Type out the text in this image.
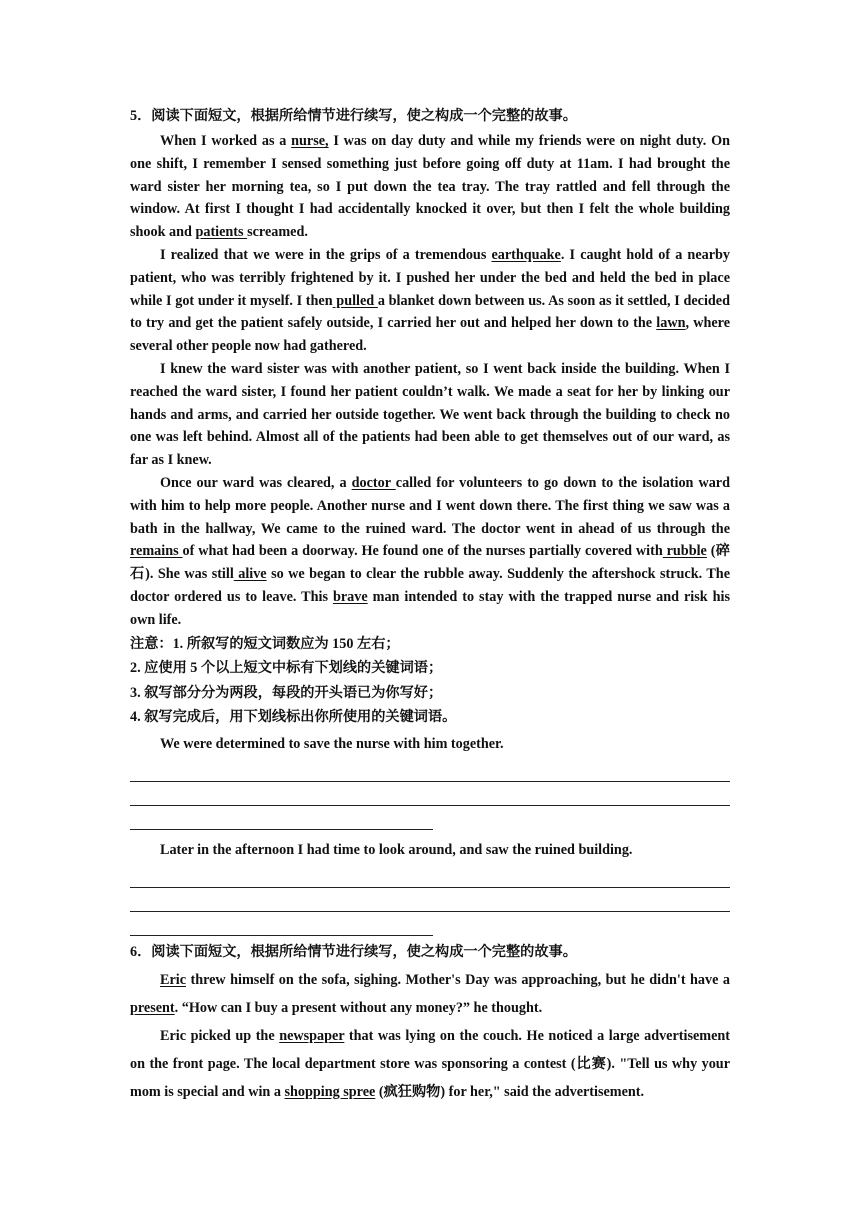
5．阅读下面短文，根据所给情节进行续写，使之构成一个完整的故事。

When I worked as a nurse, I was on day duty and while my friends were on night duty. On one shift, I remember I sensed something just before going off duty at 11am. I had brought the ward sister her morning tea, so I put down the tea tray. The tray rattled and fell through the window. At first I thought I had accidentally knocked it over, but then I felt the whole building shook and patients screamed.

I realized that we were in the grips of a tremendous earthquake. I caught hold of a nearby patient, who was terribly frightened by it. I pushed her under the bed and held the bed in place while I got under it myself. I then pulled a blanket down between us. As soon as it settled, I decided to try and get the patient safely outside, I carried her out and helped her down to the lawn, where several other people now had gathered.

I knew the ward sister was with another patient, so I went back inside the building. When I reached the ward sister, I found her patient couldn’t walk. We made a seat for her by linking our hands and arms, and carried her outside together. We went back through the building to check no one was left behind. Almost all of the patients had been able to get themselves out of our ward, as far as I knew.

Once our ward was cleared, a doctor called for volunteers to go down to the isolation ward with him to help more people. Another nurse and I went down there. The first thing we saw was a bath in the hallway, We came to the ruined ward. The doctor went in ahead of us through the remains of what had been a doorway. He found one of the nurses partially covered with rubble (碎石). She was still alive so we began to clear the rubble away. Suddenly the aftershock struck. The doctor ordered us to leave. This brave man intended to stay with the trapped nurse and risk his own life.

注意：1. 所叙写的短文词数应为 150 左右；

2. 应使用 5 个以上短文中标有下划线的关键词语；

3. 叙写部分分为两段，每段的开头语已为你写好；

4. 叙写完成后，用下划线标出你所使用的关键词语。

We were determined to save the nurse with him together.

Later in the afternoon I had time to look around, and saw the ruined building.

6．阅读下面短文，根据所给情节进行续写，使之构成一个完整的故事。

Eric threw himself on the sofa, sighing. Mother's Day was approaching, but he didn't have a present. “How can I buy a present without any money?” he thought.

Eric picked up the newspaper that was lying on the couch. He noticed a large advertisement on the front page. The local department store was sponsoring a contest (比赛). "Tell us why your mom is special and win a shopping spree (疯狂购物) for her," said the advertisement.
